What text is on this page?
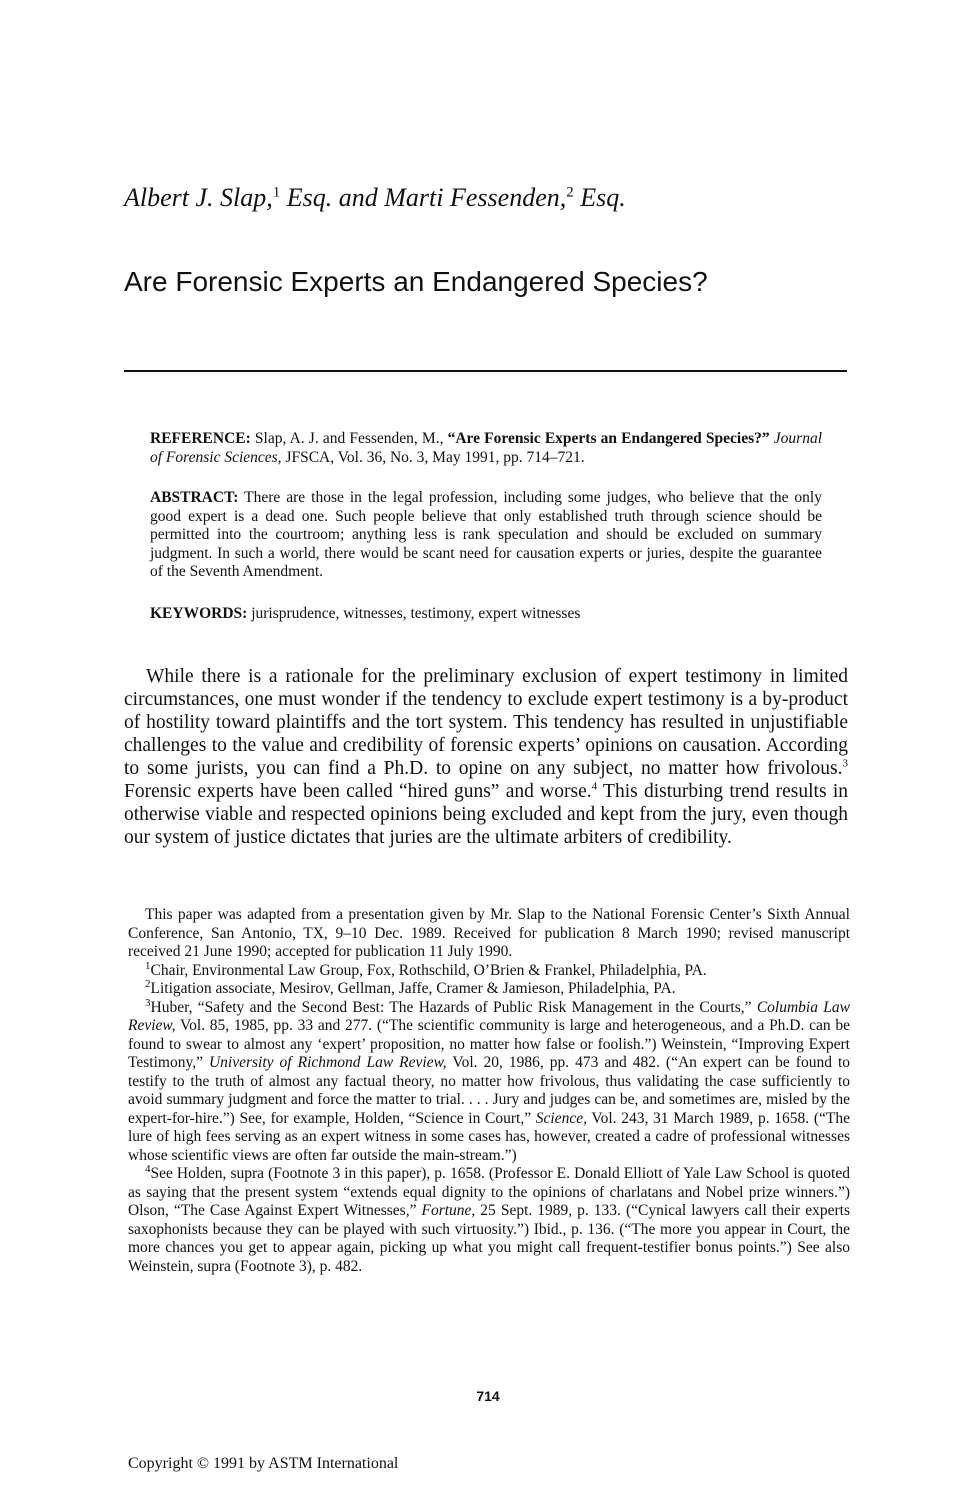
Albert J. Slap,$^1$ Esq. and Marti Fessenden,$^2$ Esq.
Are Forensic Experts an Endangered Species?
REFERENCE: Slap, A. J. and Fessenden, M., “Are Forensic Experts an Endangered Species?” Journal of Forensic Sciences, JFSCA, Vol. 36, No. 3, May 1991, pp. 714–721.
ABSTRACT: There are those in the legal profession, including some judges, who believe that the only good expert is a dead one. Such people believe that only established truth through science should be permitted into the courtroom; anything less is rank speculation and should be excluded on summary judgment. In such a world, there would be scant need for causation experts or juries, despite the guarantee of the Seventh Amendment.
KEYWORDS: jurisprudence, witnesses, testimony, expert witnesses
While there is a rationale for the preliminary exclusion of expert testimony in limited circumstances, one must wonder if the tendency to exclude expert testimony is a by-product of hostility toward plaintiffs and the tort system. This tendency has resulted in unjustifiable challenges to the value and credibility of forensic experts’ opinions on causation. According to some jurists, you can find a Ph.D. to opine on any subject, no matter how frivolous.$^3$ Forensic experts have been called “hired guns” and worse.$^4$ This disturbing trend results in otherwise viable and respected opinions being excluded and kept from the jury, even though our system of justice dictates that juries are the ultimate arbiters of credibility.

This paper was adapted from a presentation given by Mr. Slap to the National Forensic Center’s Sixth Annual Conference, San Antonio, TX, 9–10 Dec. 1989. Received for publication 8 March 1990; revised manuscript received 21 June 1990; accepted for publication 11 July 1990.

$^1$Chair, Environmental Law Group, Fox, Rothschild, O’Brien & Frankel, Philadelphia, PA.

$^2$Litigation associate, Mesirov, Gellman, Jaffe, Cramer & Jamieson, Philadelphia, PA.

$^3$Huber, “Safety and the Second Best: The Hazards of Public Risk Management in the Courts,” Columbia Law Review, Vol. 85, 1985, pp. 33 and 277. (“The scientific community is large and heterogeneous, and a Ph.D. can be found to swear to almost any ‘expert’ proposition, no matter how false or foolish.”) Weinstein, “Improving Expert Testimony,” University of Richmond Law Review, Vol. 20, 1986, pp. 473 and 482. (“An expert can be found to testify to the truth of almost any factual theory, no matter how frivolous, thus validating the case sufficiently to avoid summary judgment and force the matter to trial. . . . Jury and judges can be, and sometimes are, misled by the expert-for-hire.”) See, for example, Holden, “Science in Court,” Science, Vol. 243, 31 March 1989, p. 1658. (“The lure of high fees serving as an expert witness in some cases has, however, created a cadre of professional witnesses whose scientific views are often far outside the main-stream.”)

$^4$See Holden, supra (Footnote 3 in this paper), p. 1658. (Professor E. Donald Elliott of Yale Law School is quoted as saying that the present system “extends equal dignity to the opinions of charlatans and Nobel prize winners.”) Olson, “The Case Against Expert Witnesses,” Fortune, 25 Sept. 1989, p. 133. (“Cynical lawyers call their experts saxophonists because they can be played with such virtuosity.”) Ibid., p. 136. (“The more you appear in Court, the more chances you get to appear again, picking up what you might call frequent-testifier bonus points.”) See also Weinstein, supra (Footnote 3), p. 482.

714
Copyright © 1991 by ASTM International
